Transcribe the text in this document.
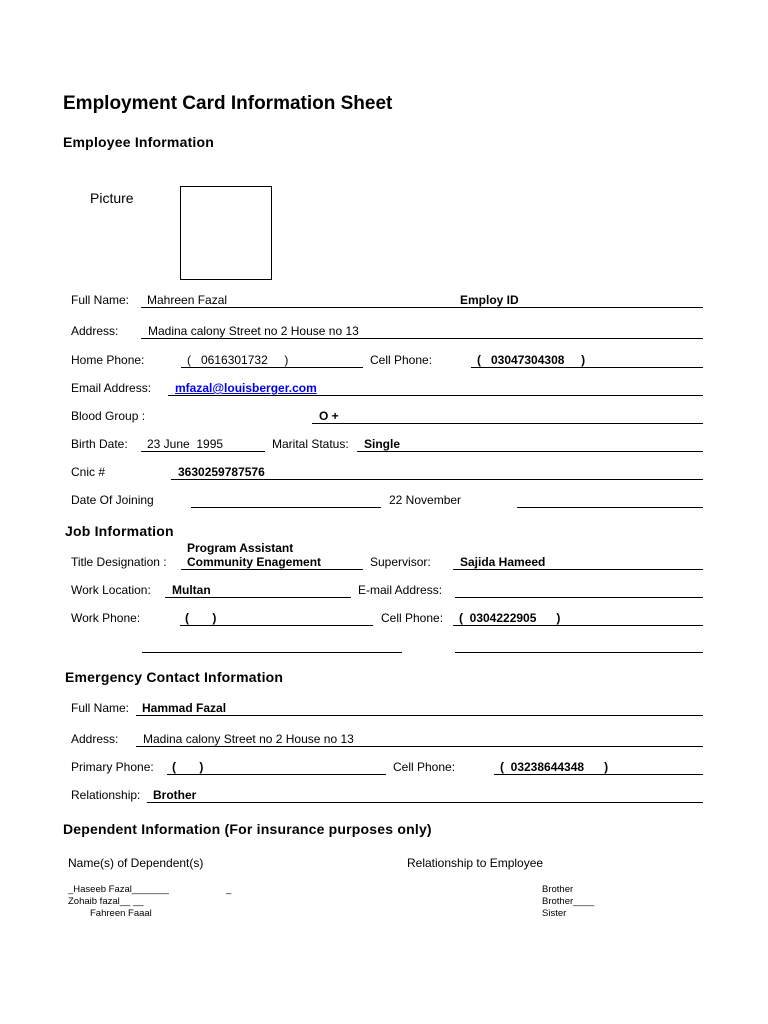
Employment Card Information Sheet
Employee Information
Picture
Full Name: Mahreen Fazal	Employ ID
Address: Madina calony Street no 2 House no 13
Home Phone:	(   0616301732     )	Cell Phone:	(   03047304308     )
Email Address: mfazal@louisberger.com
Blood Group :	O +
Birth Date: 23 June  1995	Marital Status: Single
Cnic #	3630259787576
Date Of Joining	22 November
Job Information
Title Designation :
Program Assistant
Community Enagement	Supervisor: Sajida Hameed
Work Location: Multan	E-mail Address:
Work Phone:	(       )	Cell Phone: (  0304222905      )
Emergency Contact Information
Full Name: Hammad Fazal
Address: Madina calony Street no 2 House no 13
Primary Phone: (       )	Cell Phone:	(  03238644348      )
Relationship: Brother
Dependent Information (For insurance purposes only)
Name(s) of Dependent(s)	Relationship to Employee
_Haseeb Fazal_______	_	Brother
Zohaib fazal__ __	Brother____
Fahreen Faaal	Sister
